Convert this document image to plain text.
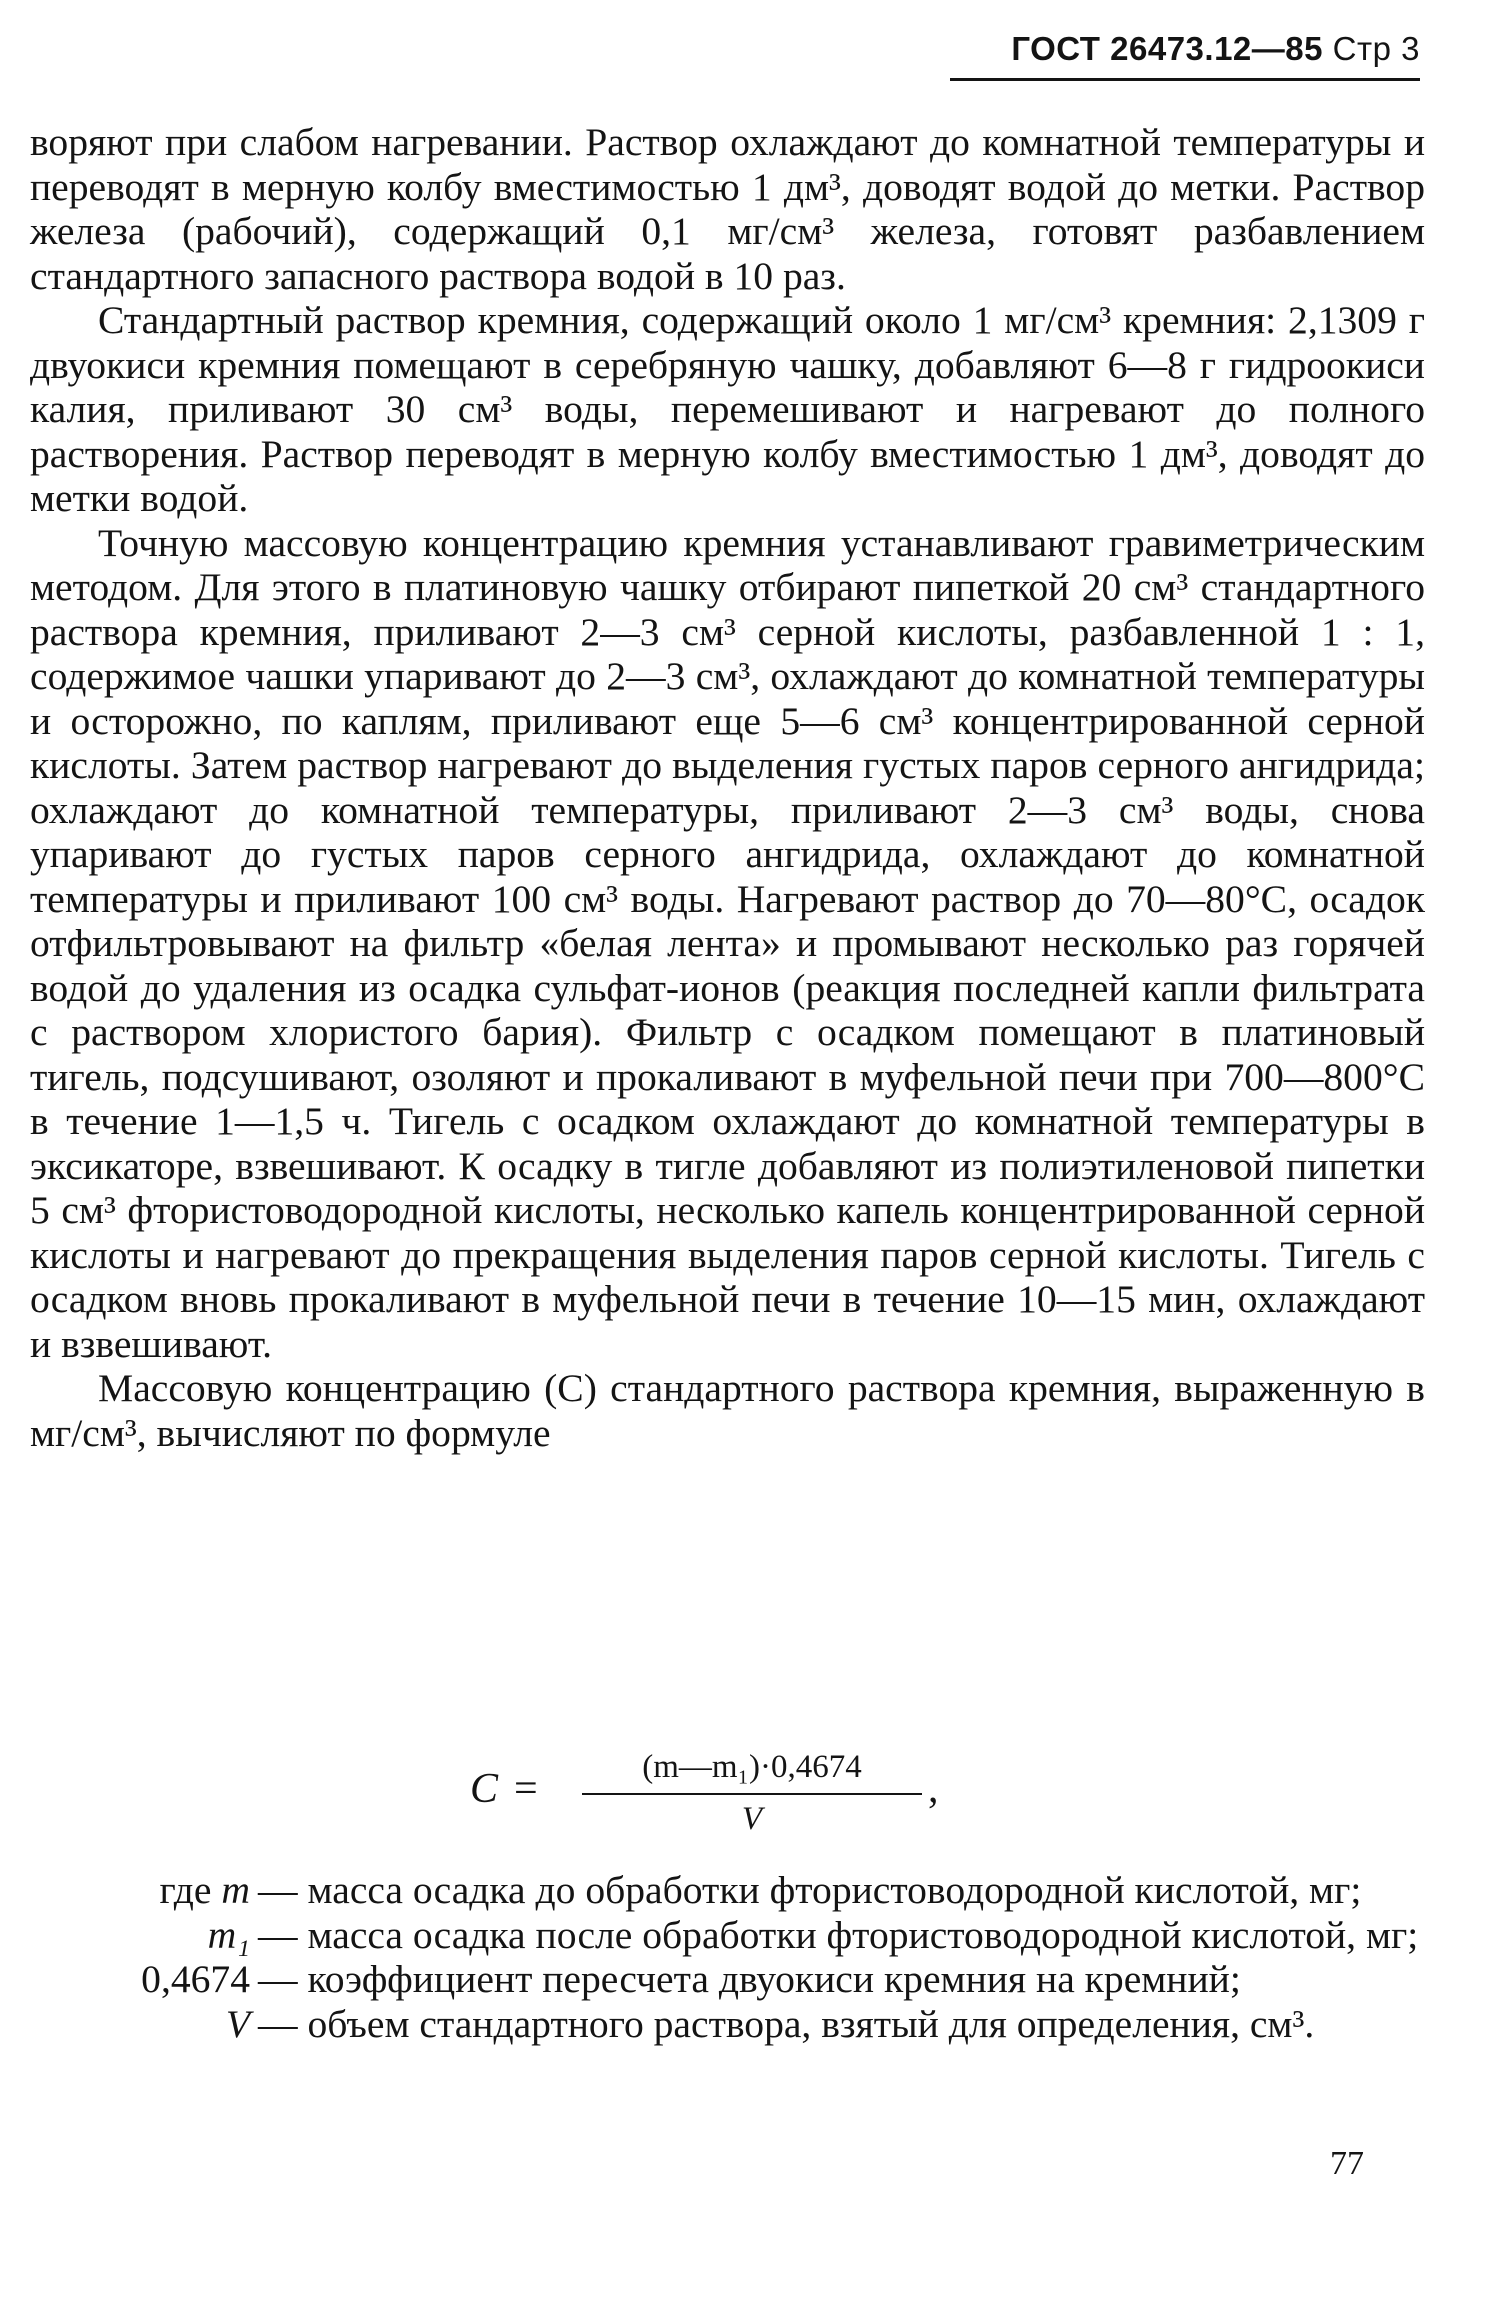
ГОСТ 26473.12—85 Стр 3

воряют при слабом нагревании. Раствор охлаждают до комнатной температуры и переводят в мерную колбу вместимостью 1 дм³, доводят водой до метки. Раствор железа (рабочий), содержащий 0,1 мг/см³ железа, готовят разбавлением стандартного запасного раствора водой в 10 раз.

Стандартный раствор кремния, содержащий около 1 мг/см³ кремния: 2,1309 г двуокиси кремния помещают в серебряную чашку, добавляют 6—8 г гидроокиси калия, приливают 30 см³ воды, перемешивают и нагревают до полного растворения. Раствор переводят в мерную колбу вместимостью 1 дм³, доводят до метки водой.

Точную массовую концентрацию кремния устанавливают гравиметрическим методом. Для этого в платиновую чашку отбирают пипеткой 20 см³ стандартного раствора кремния, приливают 2—3 см³ серной кислоты, разбавленной 1 : 1, содержимое чашки упаривают до 2—3 см³, охлаждают до комнатной температуры и осторожно, по каплям, приливают еще 5—6 см³ концентрированной серной кислоты. Затем раствор нагревают до выделения густых паров серного ангидрида; охлаждают до комнатной температуры, приливают 2—3 см³ воды, снова упаривают до густых паров серного ангидрида, охлаждают до комнатной температуры и приливают 100 см³ воды. Нагревают раствор до 70—80°С, осадок отфильтровывают на фильтр «белая лента» и промывают несколько раз горячей водой до удаления из осадка сульфат-ионов (реакция последней капли фильтрата с раствором хлористого бария). Фильтр с осадком помещают в платиновый тигель, подсушивают, озоляют и прокаливают в муфельной печи при 700—800°С в течение 1—1,5 ч. Тигель с осадком охлаждают до комнатной температуры в эксикаторе, взвешивают. К осадку в тигле добавляют из полиэтиленовой пипетки 5 см³ фтористоводородной кислоты, несколько капель концентрированной серной кислоты и нагревают до прекращения выделения паров серной кислоты. Тигель с осадком вновь прокаливают в муфельной печи в течение 10—15 мин, охлаждают и взвешивают.

Массовую концентрацию (С) стандартного раствора кремния, выраженную в мг/см³, вычисляют по формуле

C =	(m—m₁)·0,4674
V
,
где m — масса осадка до обработки фтористоводородной кислотой, мг;
m₁ — масса осадка после обработки фтористоводородной кислотой, мг;
0,4674 — коэффициент пересчета двуокиси кремния на кремний;
V — объем стандартного раствора, взятый для определения, см³.
77
